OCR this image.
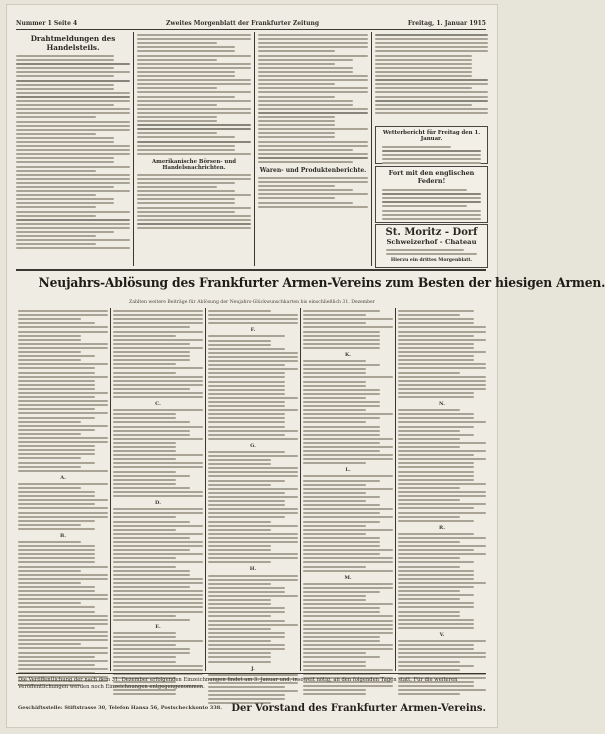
Nummer 1 Seite 4	Zweites Morgenblatt der Frankfurter Zeitung	Freitag, 1. Januar 1915
Drahtmeldungen des Handelsteils.
Amerikanische Börsen- und Handelsnachrichten.	Waren- und Produktenberichte.
Wetterbericht für Freitag den 1. Januar.
Fort mit den englischen Federn!
St. Moritz - Dorf
Schweizerhof - Chateau
Hierzu ein drittes Morgenblatt.
Neujahrs-Ablösung des Frankfurter Armen-Vereins zum Besten der hiesigen Armen.
Zahlten weitere Beiträge für Ablösung der Neujahrs-Glückwunschkarten bis einschließlich 31. Dezember
A.
B.
C.
D.
E.
F.
G.
H.
J.
K.
L.
M.
N.
R.
V.
Die Veröffentlichung der nach dem 31. Dezember erfolgenden Einzeichnungen findet am 3. Januar und, insoweit nötig, an den folgenden Tagen statt. Für die weiteren Veröffentlichungen werden noch Einzeichnungen entgegengenommen.
Geschäftsstelle: Stiftstrasse 30, Telefon Hansa 56, Postscheckkonto 338. Der Vorstand des Frankfurter Armen-Vereins.
